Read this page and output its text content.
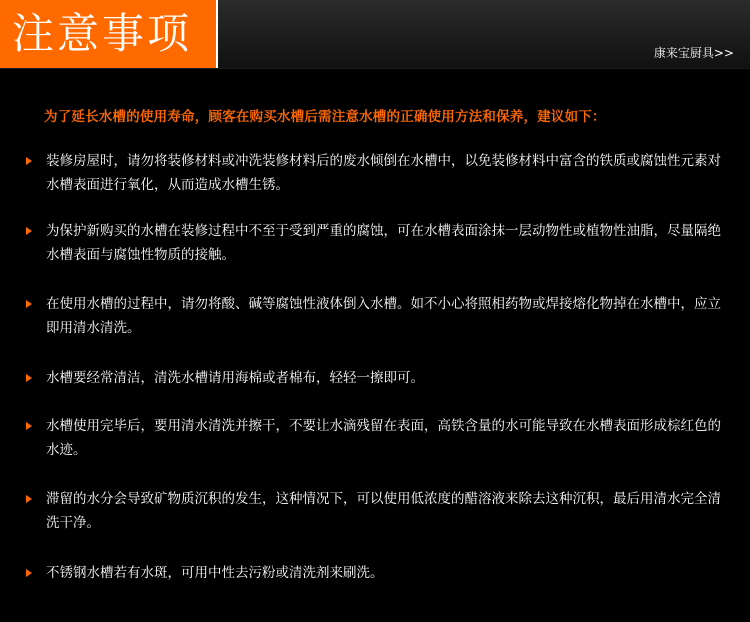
注意事项	康来宝厨具>>
为了延长水槽的使用寿命，顾客在购买水槽后需注意水槽的正确使用方法和保养，建议如下：
装修房屋时，请勿将装修材料或冲洗装修材料后的废水倾倒在水槽中，以免装修材料中富含的铁质或腐蚀性元素对水槽表面进行氧化，从而造成水槽生锈。
为保护新购买的水槽在装修过程中不至于受到严重的腐蚀，可在水槽表面涂抹一层动物性或植物性油脂，尽量隔绝水槽表面与腐蚀性物质的接触。
在使用水槽的过程中，请勿将酸、碱等腐蚀性液体倒入水槽。如不小心将照相药物或焊接熔化物掉在水槽中，应立即用清水清洗。
水槽要经常清洁，清洗水槽请用海棉或者棉布，轻轻一擦即可。
水槽使用完毕后，要用清水清洗并擦干，不要让水滴残留在表面，高铁含量的水可能导致在水槽表面形成棕红色的水迹。
滞留的水分会导致矿物质沉积的发生，这种情况下，可以使用低浓度的醋溶液来除去这种沉积，最后用清水完全清洗干净。
不锈钢水槽若有水斑，可用中性去污粉或清洗剂来刷洗。
